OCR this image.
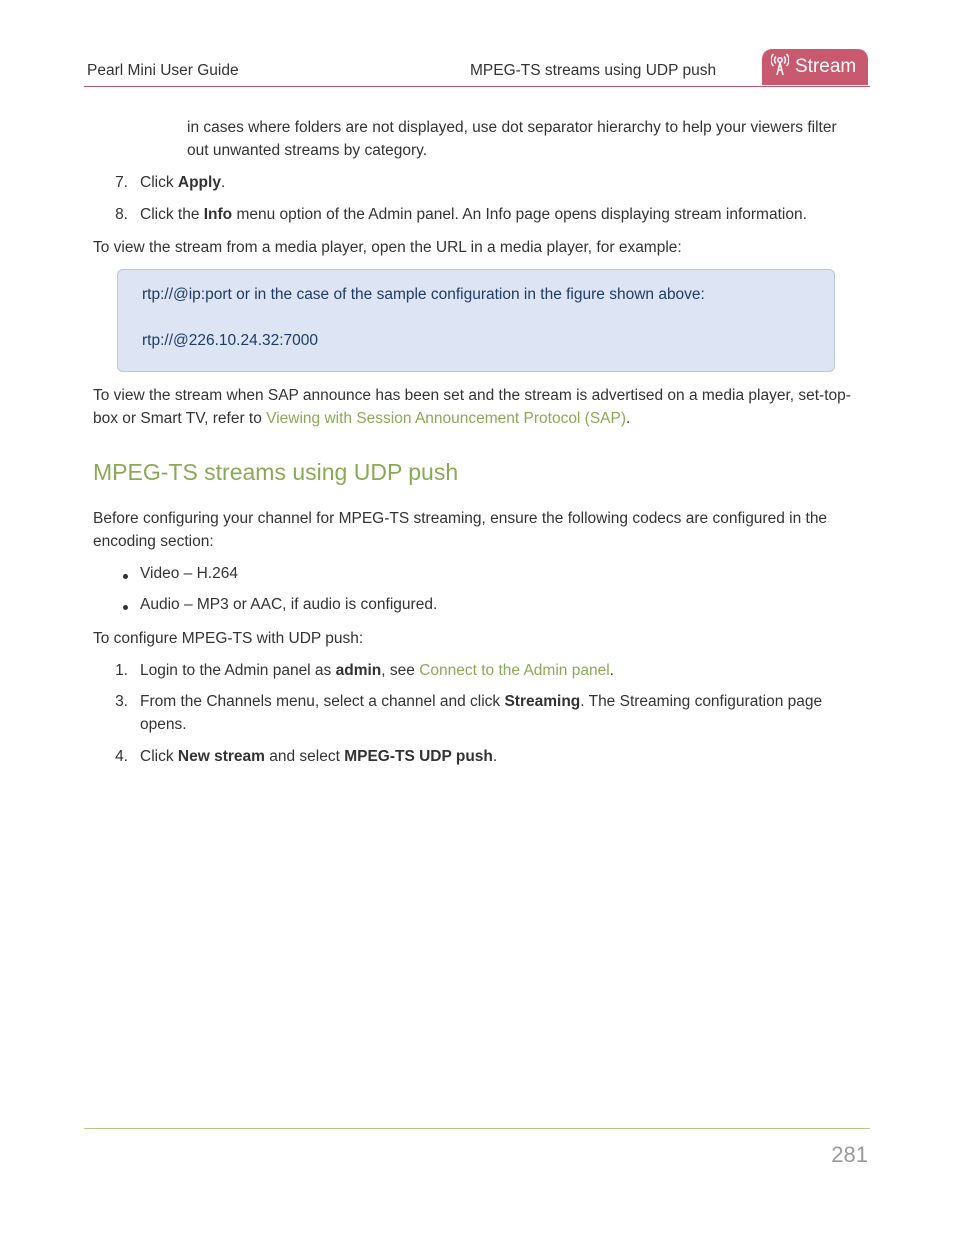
Pearl Mini User Guide	MPEG-TS streams using UDP push	Stream
in cases where folders are not displayed, use dot separator hierarchy to help your viewers filter
out unwanted streams by category.
7. Click Apply.
8. Click the Info menu option of the Admin panel. An Info page opens displaying stream information.
To view the stream from a media player, open the URL in a media player, for example:
rtp://@ip:port or in the case of the sample configuration in the figure shown above:
rtp://@226.10.24.32:7000
To view the stream when SAP announce has been set and the stream is advertised on a media player, set-top-
box or Smart TV, refer to Viewing with Session Announcement Protocol (SAP).
MPEG-TS streams using UDP push
Before configuring your channel for MPEG-TS streaming, ensure the following codecs are configured in the
encoding section:
Video – H.264
Audio – MP3 or AAC, if audio is configured.
To configure MPEG-TS with UDP push:
1. Login to the Admin panel as admin, see Connect to the Admin panel.
3. From the Channels menu, select a channel and click Streaming. The Streaming configuration page
opens.
4. Click New stream and select MPEG-TS UDP push.
281
